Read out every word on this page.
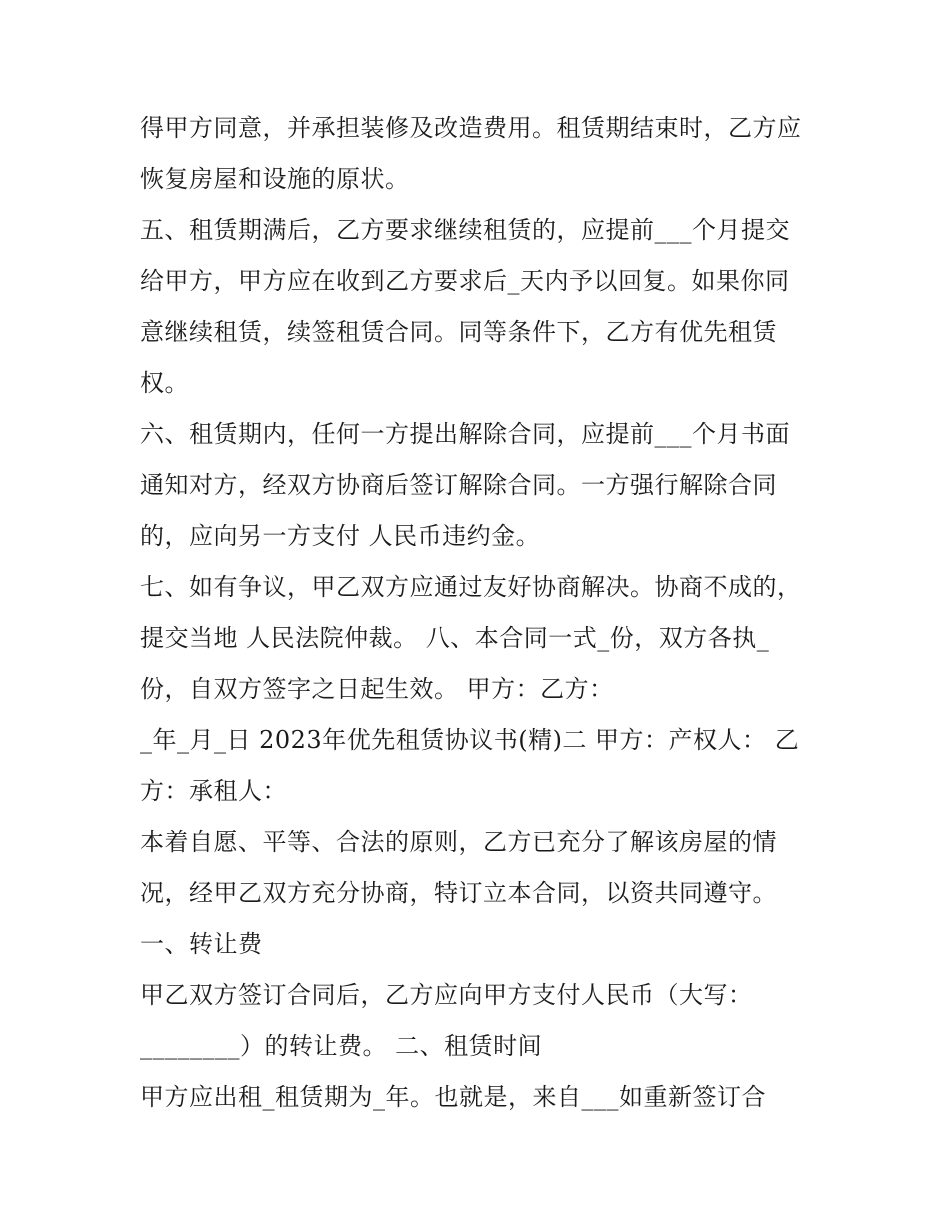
得甲方同意，并承担装修及改造费用。租赁期结束时，乙方应
恢复房屋和设施的原状。
五、租赁期满后，乙方要求继续租赁的，应提前___个月提交
给甲方，甲方应在收到乙方要求后_天内予以回复。如果你同
意继续租赁，续签租赁合同。同等条件下，乙方有优先租赁
权。
六、租赁期内，任何一方提出解除合同，应提前___个月书面
通知对方，经双方协商后签订解除合同。一方强行解除合同
的，应向另一方支付 人民币违约金。
七、如有争议，甲乙双方应通过友好协商解决。协商不成的，
提交当地 人民法院仲裁。 八、本合同一式_份，双方各执_
份，自双方签字之日起生效。 甲方：乙方：
_年_月_日 2023年优先租赁协议书(精)二 甲方：产权人： 乙
方：承租人：
本着自愿、平等、合法的原则，乙方已充分了解该房屋的情
况，经甲乙双方充分协商，特订立本合同，以资共同遵守。
一、转让费
甲乙双方签订合同后，乙方应向甲方支付人民币（大写：
________）的转让费。 二、租赁时间
甲方应出租_租赁期为_年。也就是，来自___如重新签订合
